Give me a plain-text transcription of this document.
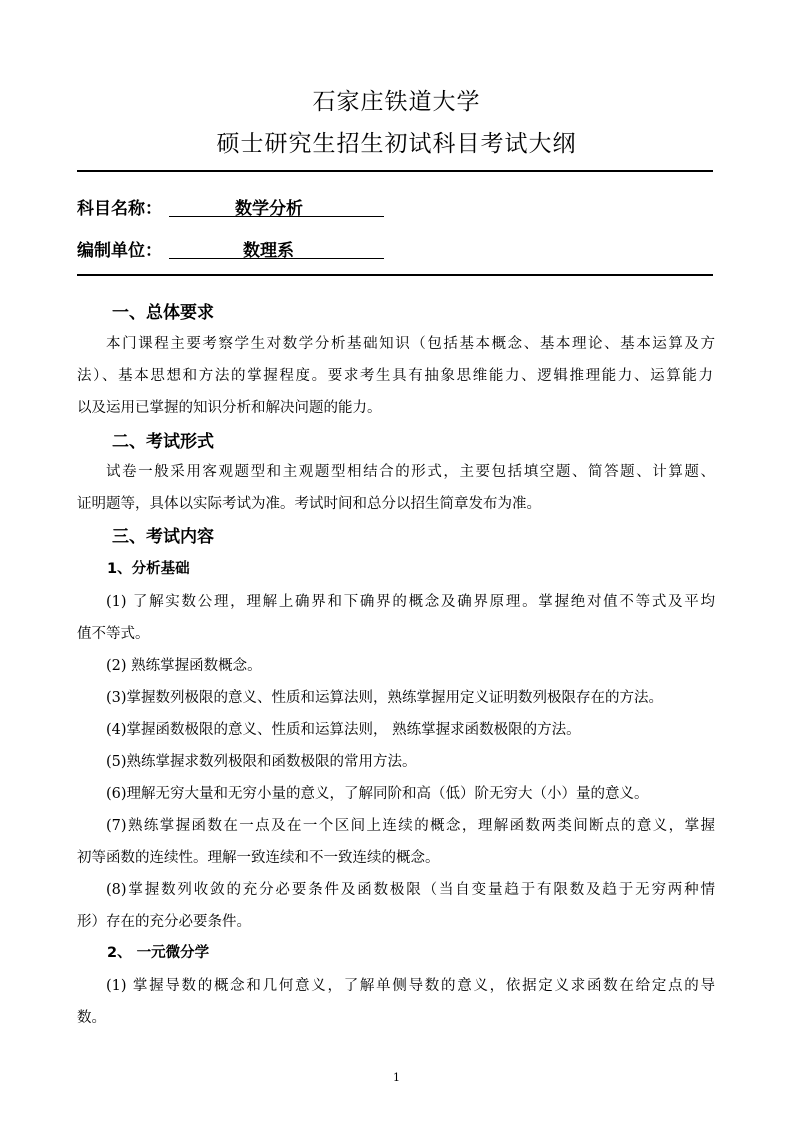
石家庄铁道大学
硕士研究生招生初试科目考试大纲
科目名称：	数学分析
编制单位：	数理系
一、总体要求
本门课程主要考察学生对数学分析基础知识（包括基本概念、基本理论、基本运算及方
法）、基本思想和方法的掌握程度。要求考生具有抽象思维能力、逻辑推理能力、运算能力
以及运用已掌握的知识分析和解决问题的能力。
二、考试形式
试卷一般采用客观题型和主观题型相结合的形式，主要包括填空题、简答题、计算题、
证明题等，具体以实际考试为准。考试时间和总分以招生简章发布为准。
三、考试内容
1、分析基础
(1) 了解实数公理，理解上确界和下确界的概念及确界原理。掌握绝对值不等式及平均
值不等式。
(2) 熟练掌握函数概念。
(3)掌握数列极限的意义、性质和运算法则，熟练掌握用定义证明数列极限存在的方法。
(4)掌握函数极限的意义、性质和运算法则， 熟练掌握求函数极限的方法。
(5)熟练掌握求数列极限和函数极限的常用方法。
(6)理解无穷大量和无穷小量的意义，了解同阶和高（低）阶无穷大（小）量的意义。
(7)熟练掌握函数在一点及在一个区间上连续的概念，理解函数两类间断点的意义，掌握
初等函数的连续性。理解一致连续和不一致连续的概念。
(8)掌握数列收敛的充分必要条件及函数极限（当自变量趋于有限数及趋于无穷两种情
形）存在的充分必要条件。
2、 一元微分学
(1) 掌握导数的概念和几何意义，了解单侧导数的意义，依据定义求函数在给定点的导
数。
1
